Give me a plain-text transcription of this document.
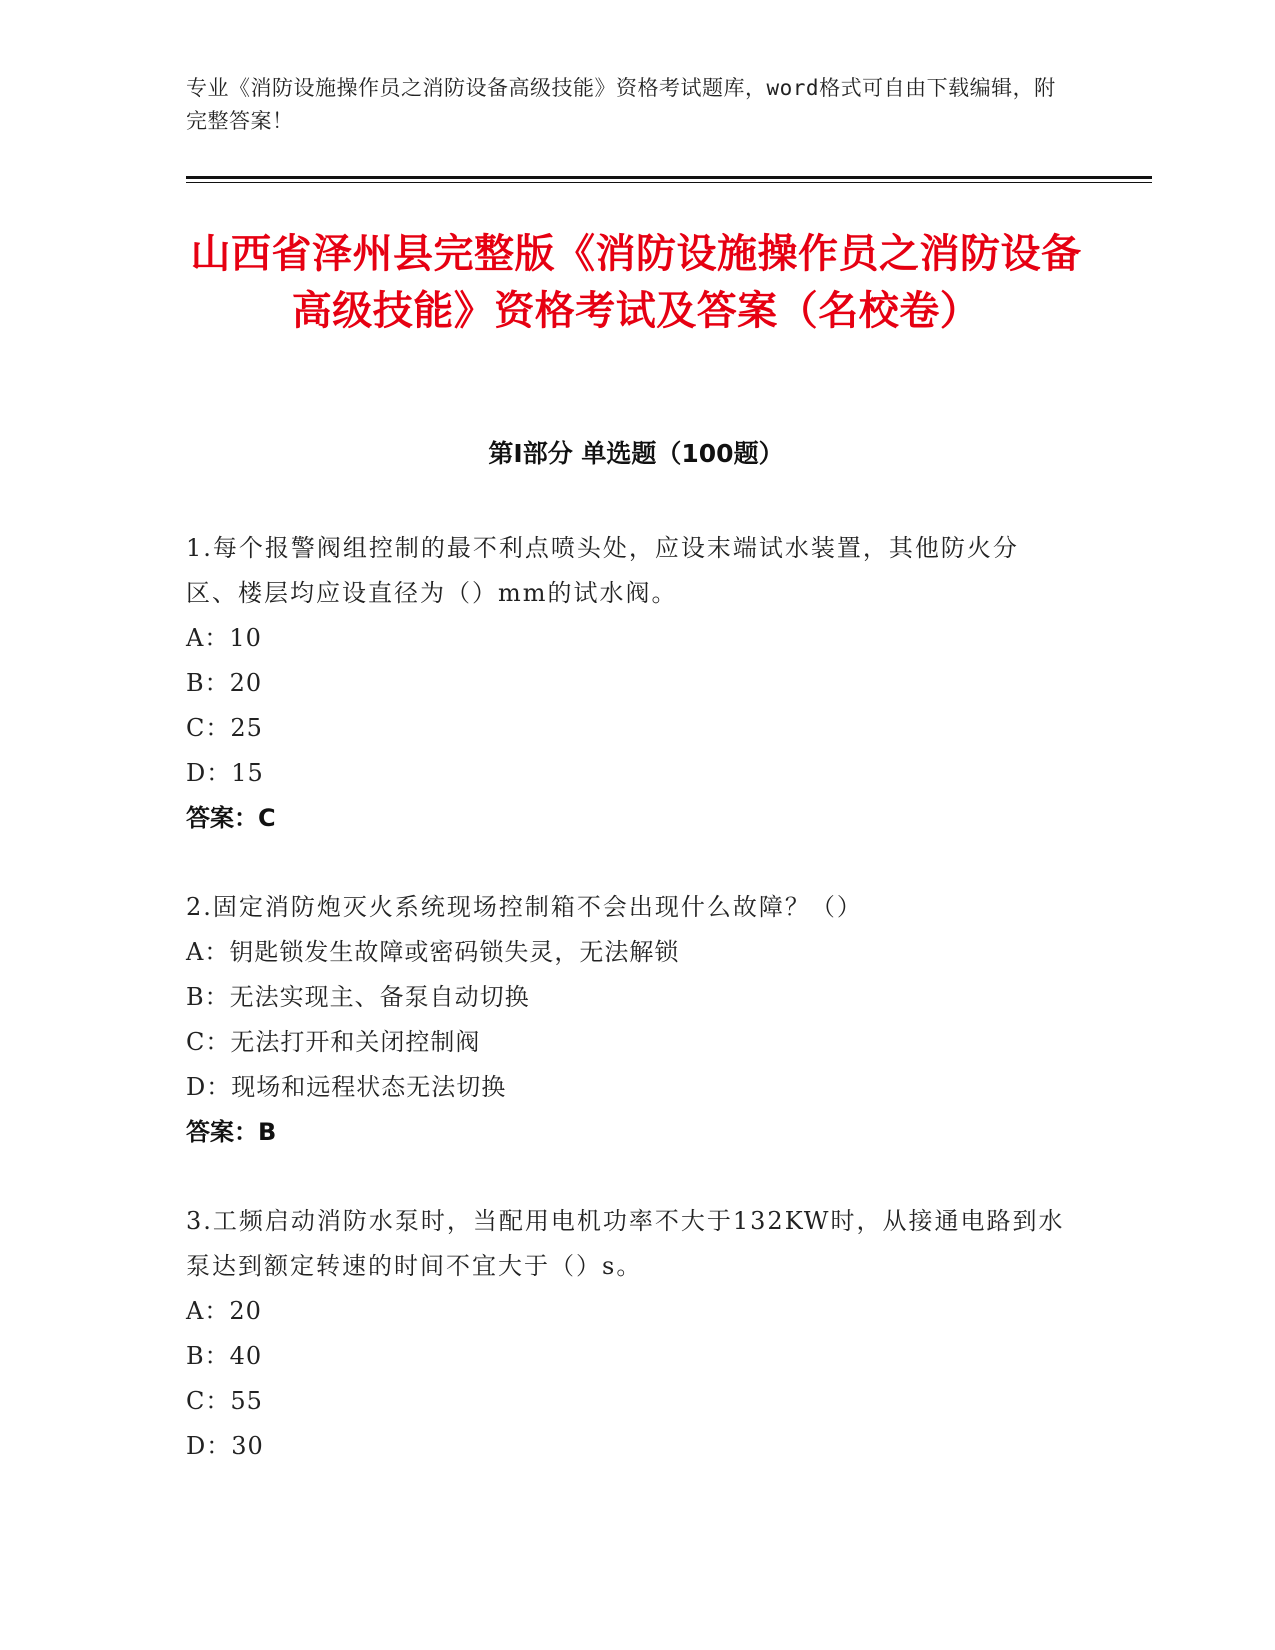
专业《消防设施操作员之消防设备高级技能》资格考试题库，word格式可自由下载编辑，附完整答案！
山西省泽州县完整版《消防设施操作员之消防设备高级技能》资格考试及答案（名校卷）
第Ⅰ部分 单选题（100题）
1.每个报警阀组控制的最不利点喷头处，应设末端试水装置，其他防火分区、楼层均应设直径为（）mm的试水阀。
A：10
B：20
C：25
D：15
答案：C
2.固定消防炮灭火系统现场控制箱不会出现什么故障？（）
A：钥匙锁发生故障或密码锁失灵，无法解锁
B：无法实现主、备泵自动切换
C：无法打开和关闭控制阀
D：现场和远程状态无法切换
答案：B
3.工频启动消防水泵时，当配用电机功率不大于132KW时，从接通电路到水泵达到额定转速的时间不宜大于（）s。
A：20
B：40
C：55
D：30
